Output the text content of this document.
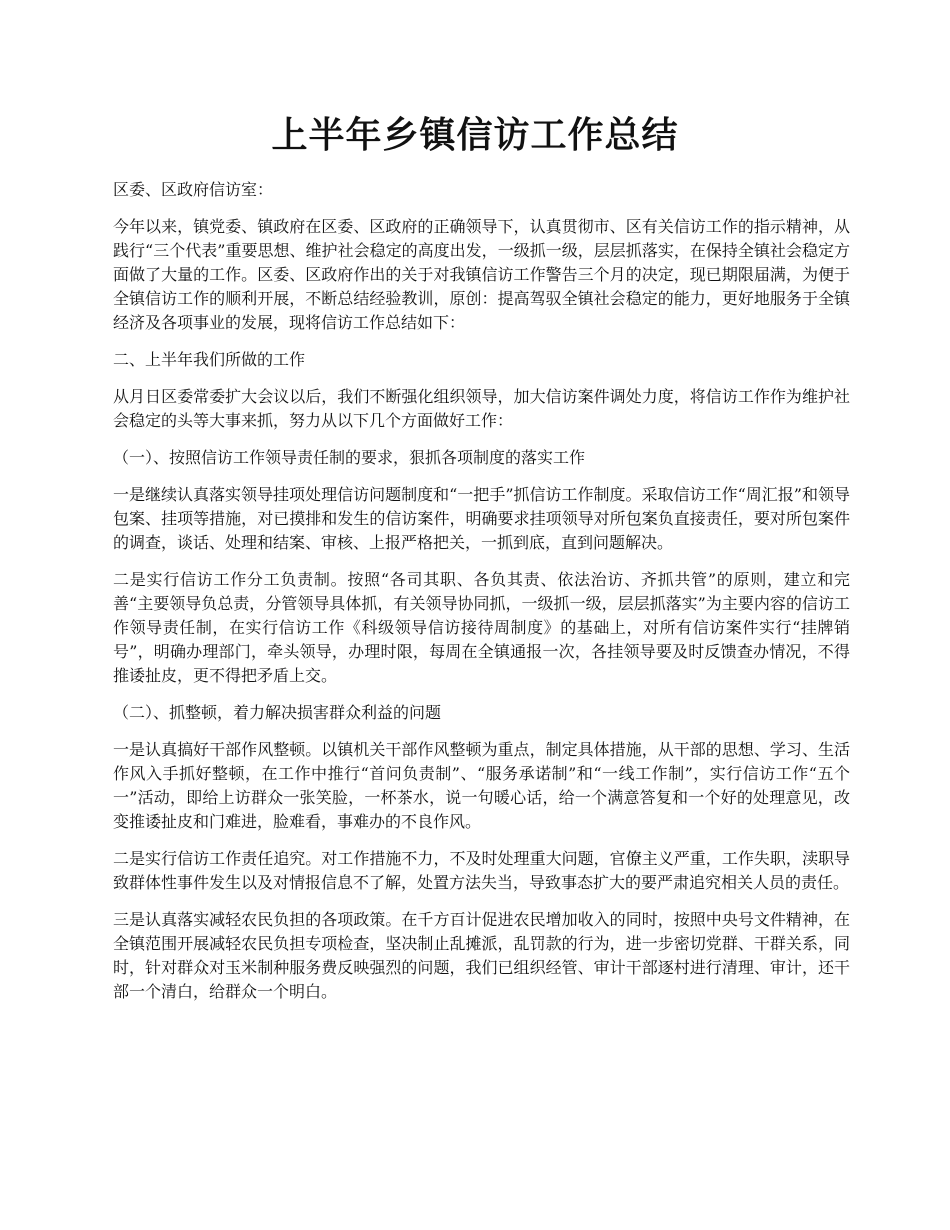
上半年乡镇信访工作总结

区委、区政府信访室：

今年以来，镇党委、镇政府在区委、区政府的正确领导下，认真贯彻市、区有关信访工作的指示精神，从践行“三个代表”重要思想、维护社会稳定的高度出发，一级抓一级，层层抓落实，在保持全镇社会稳定方面做了大量的工作。区委、区政府作出的关于对我镇信访工作警告三个月的决定，现已期限届满，为便于全镇信访工作的顺利开展，不断总结经验教训，原创：提高驾驭全镇社会稳定的能力，更好地服务于全镇经济及各项事业的发展，现将信访工作总结如下：

二、上半年我们所做的工作

从月日区委常委扩大会议以后，我们不断强化组织领导，加大信访案件调处力度，将信访工作作为维护社会稳定的头等大事来抓，努力从以下几个方面做好工作：

（一）、按照信访工作领导责任制的要求，狠抓各项制度的落实工作

一是继续认真落实领导挂项处理信访问题制度和“一把手”抓信访工作制度。采取信访工作“周汇报”和领导包案、挂项等措施，对已摸排和发生的信访案件，明确要求挂项领导对所包案负直接责任，要对所包案件的调查，谈话、处理和结案、审核、上报严格把关，一抓到底，直到问题解决。

二是实行信访工作分工负责制。按照“各司其职、各负其责、依法治访、齐抓共管”的原则，建立和完善“主要领导负总责，分管领导具体抓，有关领导协同抓，一级抓一级，层层抓落实”为主要内容的信访工作领导责任制，在实行信访工作《科级领导信访接待周制度》的基础上，对所有信访案件实行“挂牌销号”，明确办理部门，牵头领导，办理时限，每周在全镇通报一次，各挂领导要及时反馈查办情况，不得推诿扯皮，更不得把矛盾上交。

（二）、抓整顿，着力解决损害群众利益的问题

一是认真搞好干部作风整顿。以镇机关干部作风整顿为重点，制定具体措施，从干部的思想、学习、生活作风入手抓好整顿，在工作中推行“首问负责制”、“服务承诺制”和“一线工作制”，实行信访工作“五个一”活动，即给上访群众一张笑脸，一杯茶水，说一句暖心话，给一个满意答复和一个好的处理意见，改变推诿扯皮和门难进，脸难看，事难办的不良作风。

二是实行信访工作责任追究。对工作措施不力，不及时处理重大问题，官僚主义严重，工作失职，渎职导致群体性事件发生以及对情报信息不了解，处置方法失当，导致事态扩大的要严肃追究相关人员的责任。

三是认真落实减轻农民负担的各项政策。在千方百计促进农民增加收入的同时，按照中央号文件精神，在全镇范围开展减轻农民负担专项检查，坚决制止乱摊派，乱罚款的行为，进一步密切党群、干群关系，同时，针对群众对玉米制种服务费反映强烈的问题，我们已组织经管、审计干部逐村进行清理、审计，还干部一个清白，给群众一个明白。
